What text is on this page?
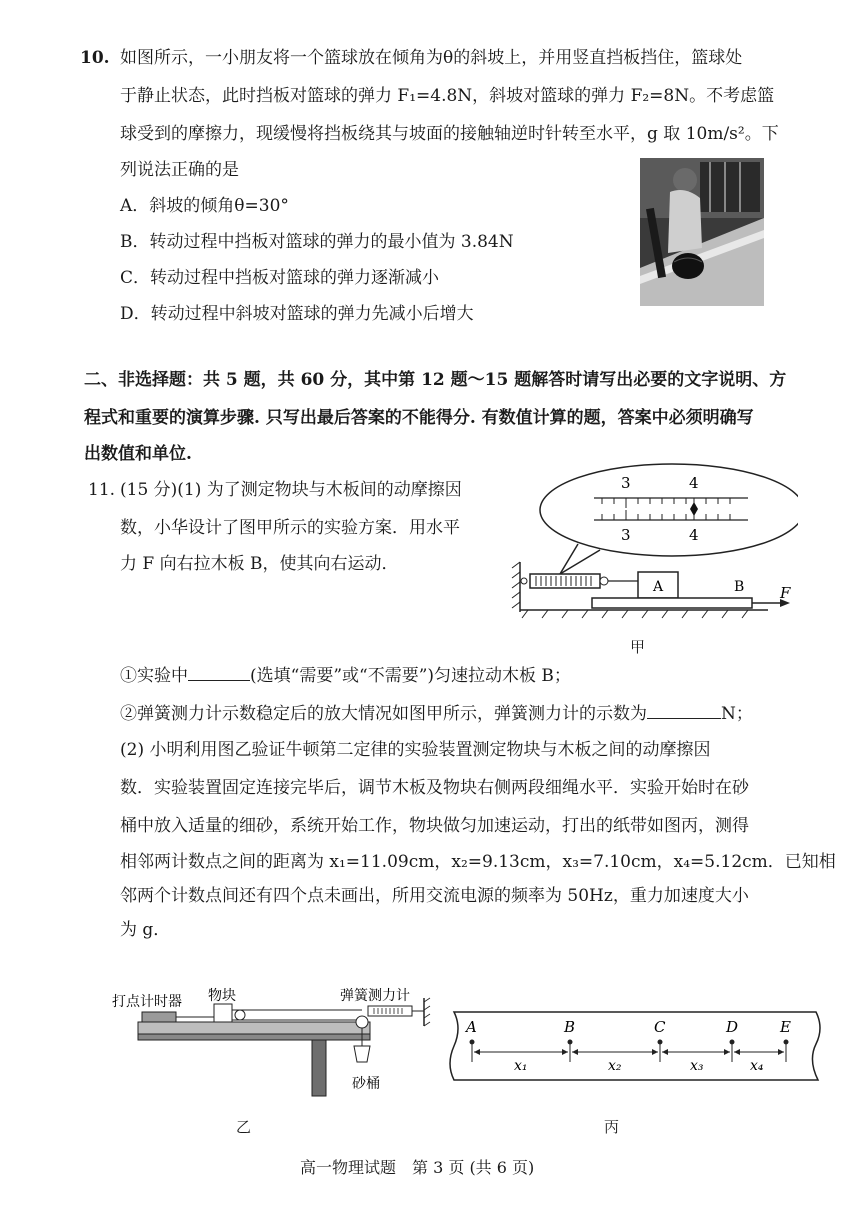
10. 如图所示，一小朋友将一个篮球放在倾角为θ的斜坡上，并用竖直挡板挡住，篮球处
于静止状态，此时挡板对篮球的弹力 F₁=4.8N，斜坡对篮球的弹力 F₂=8N。不考虑篮
球受到的摩擦力，现缓慢将挡板绕其与坡面的接触轴逆时针转至水平，g 取 10m/s²。下
列说法正确的是
A．斜坡的倾角θ=30°
B．转动过程中挡板对篮球的弹力的最小值为 3.84N
C．转动过程中挡板对篮球的弹力逐渐减小
D．转动过程中斜坡对篮球的弹力先减小后增大
二、非选择题：共 5 题，共 60 分，其中第 12 题～15 题解答时请写出必要的文字说明、方
程式和重要的演算步骤. 只写出最后答案的不能得分. 有数值计算的题，答案中必须明确写
出数值和单位.
11. (15 分)(1) 为了测定物块与木板间的动摩擦因
数，小华设计了图甲所示的实验方案．用水平
力 F 向右拉木板 B，使其向右运动．
3	4
3	4
A	B F
甲
①实验中	(选填“需要”或“不需要”)匀速拉动木板 B；
②弹簧测力计示数稳定后的放大情况如图甲所示，弹簧测力计的示数为	N；
(2) 小明利用图乙验证牛顿第二定律的实验装置测定物块与木板之间的动摩擦因
数．实验装置固定连接完毕后，调节木板及物块右侧两段细绳水平．实验开始时在砂
桶中放入适量的细砂，系统开始工作，物块做匀加速运动，打出的纸带如图丙，测得
相邻两计数点之间的距离为 x₁=11.09cm，x₂=9.13cm，x₃=7.10cm，x₄=5.12cm．已知相
邻两个计数点间还有四个点未画出，所用交流电源的频率为 50Hz，重力加速度大小
为 g．
打点计时器 物块	弹簧测力计
砂桶
乙
A	B	C	D	E
x₁	x₂	x₃	x₄
丙
高一物理试题　第 3 页 (共 6 页)
